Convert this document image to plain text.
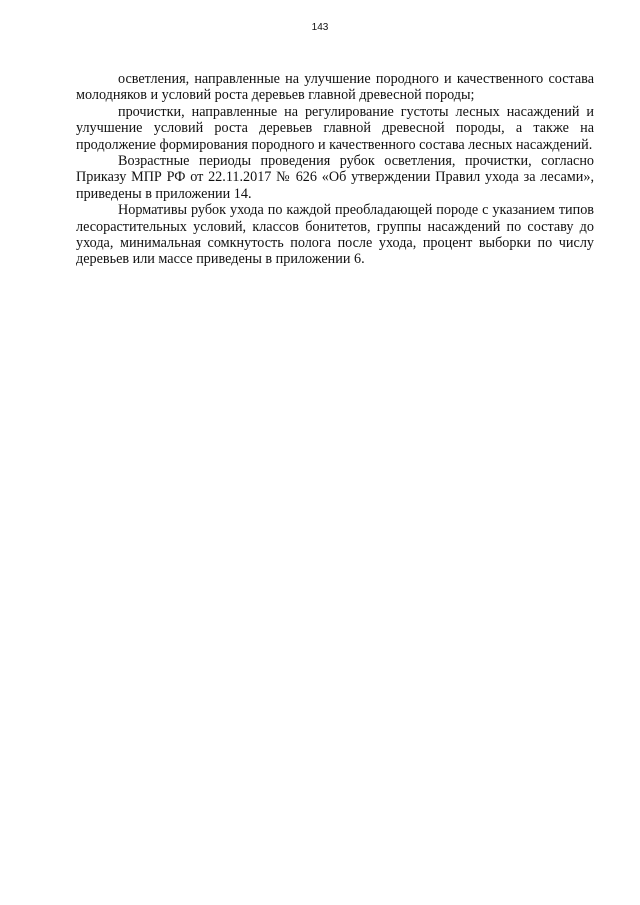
143

осветления, направленные на улучшение породного и качественного состава молодняков и условий роста деревьев главной древесной породы;

прочистки, направленные на регулирование густоты лесных насаждений и улучшение условий роста деревьев главной древесной породы, а также на продолжение формирования породного и качественного состава лесных насаждений.

Возрастные периоды проведения рубок осветления, прочистки, согласно Приказу МПР РФ от 22.11.2017 № 626 «Об утверждении Правил ухода за лесами», приведены в приложении 14.

Нормативы рубок ухода по каждой преобладающей породе с указанием типов лесорастительных условий, классов бонитетов, группы насаждений по составу до ухода, минимальная сомкнутость полога после ухода, процент выборки по числу деревьев или массе приведены в приложении 6.
